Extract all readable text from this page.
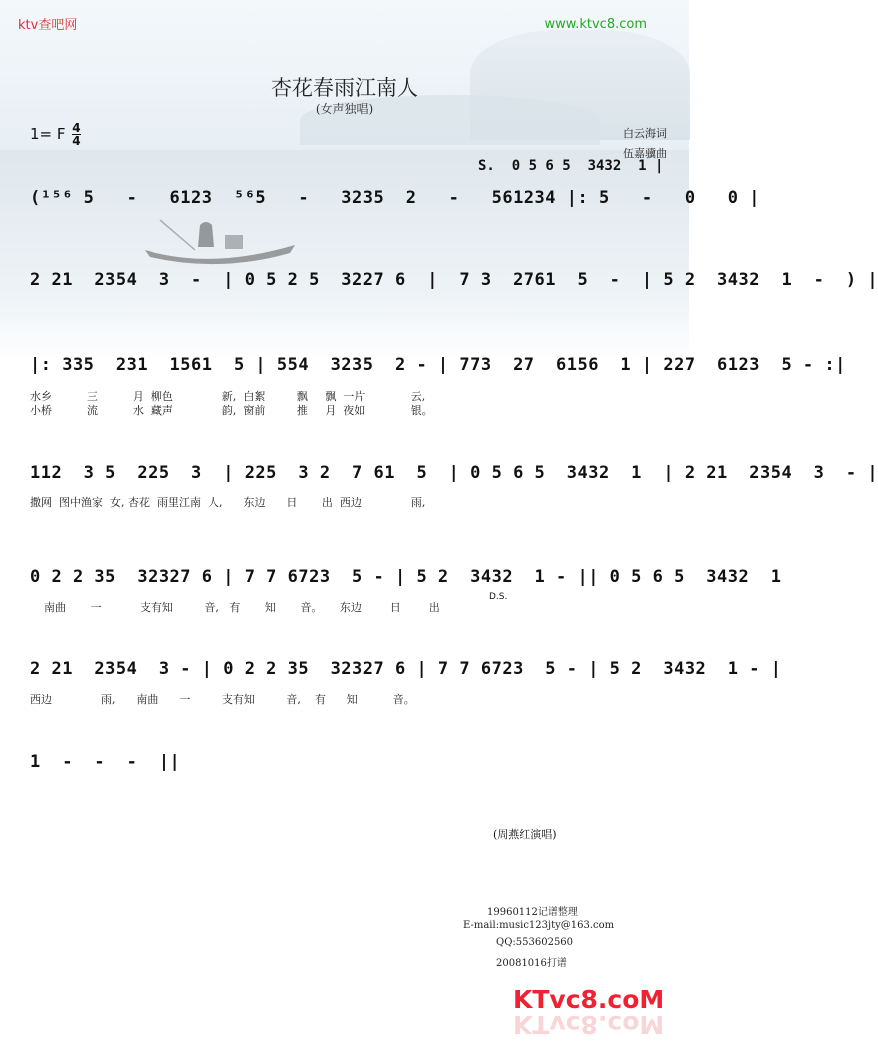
ktv查吧网	www.ktvc8.com
杏花春雨江南人
(女声独唱)
1= F $\frac{4}{4}$	白云海词
伍嘉骥曲
S.  0 5 6 5  3432  1 |
(¹⁵⁶ 5   -   6123  ⁵⁶5   -   3235  2   -   561234 |: 5   -   0   0 |
2 21  2354  3  -  | 0 5 2 5  3227 6  |  7 3  2761  5  -  | 5 2  3432  1  -  ) |
|: 335  231  1561  5 | 554  3235  2 - | 773  27  6156  1 | 227  6123  5 - :|
水乡          三          月  柳色              新,  白絮         飘     飘  一片             云,
小桥          流          水  藏声              韵,  窗前         推     月  夜如             银。
112  3 5  225  3  | 225  3 2  7 61  5  | 0 5 6 5  3432  1  | 2 21  2354  3  - |
撒网  图中渔家  女, 杏花  雨里江南  人,      东边      日       出  西边              雨,
0 2 2 35  32327 6 | 7 7 6723  5 - | 5 2  3432  1 - || 0 5 6 5  3432  1
南曲       一           支有知         音,   有       知       音。     东边        日        出
D.S.
2 21  2354  3 - | 0 2 2 35  32327 6 | 7 7 6723  5 - | 5 2  3432  1 - |
西边              雨,      南曲      一         支有知         音,    有      知          音。
1  -  -  -  ||
(周燕红演唱)
19960112记谱整理
E-mail:music123jty@163.com
QQ:553602560
20081016打谱
KTvc8.coM
KTvc8.coM
